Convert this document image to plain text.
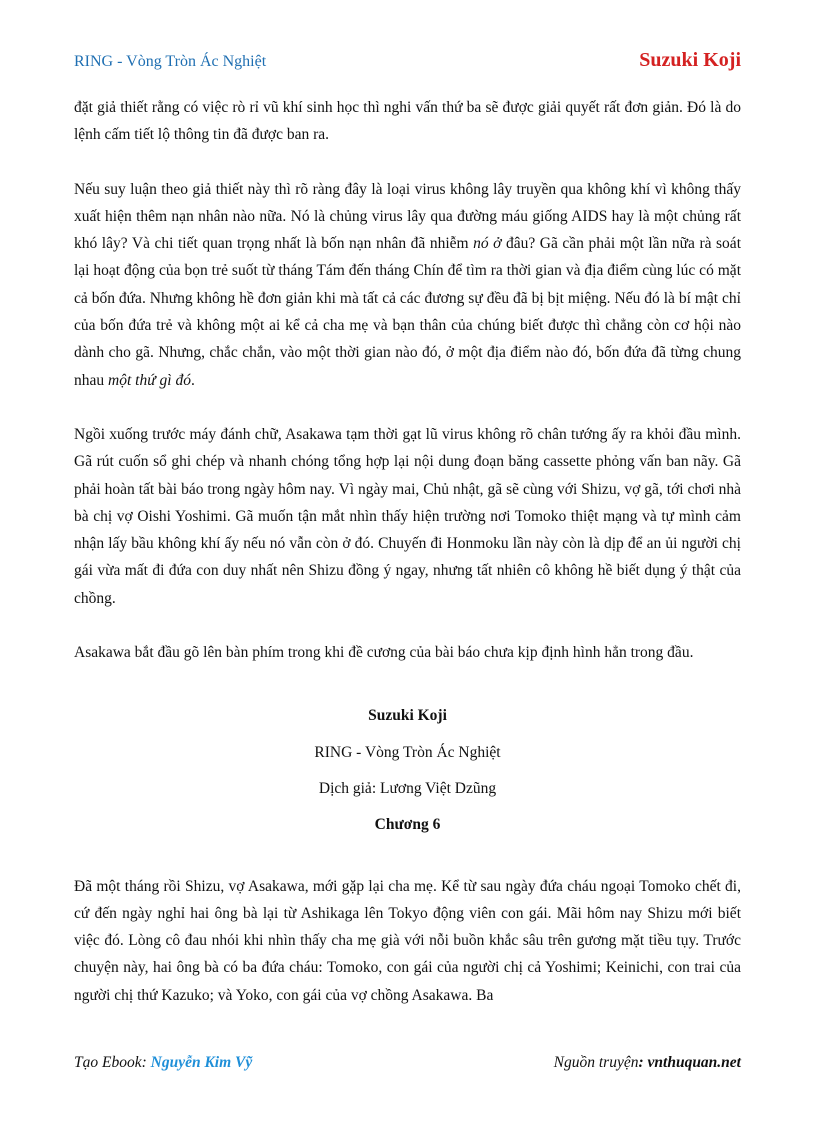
RING - Vòng Tròn Ác Nghiệt	Suzuki Koji

đặt giả thiết rằng có việc rò rỉ vũ khí sinh học thì nghi vấn thứ ba sẽ được giải quyết rất đơn giản. Đó là do lệnh cấm tiết lộ thông tin đã được ban ra.

Nếu suy luận theo giả thiết này thì rõ ràng đây là loại virus không lây truyền qua không khí vì không thấy xuất hiện thêm nạn nhân nào nữa. Nó là chủng virus lây qua đường máu giống AIDS hay là một chủng rất khó lây? Và chi tiết quan trọng nhất là bốn nạn nhân đã nhiễm nó ở đâu? Gã cần phải một lần nữa rà soát lại hoạt động của bọn trẻ suốt từ tháng Tám đến tháng Chín để tìm ra thời gian và địa điểm cùng lúc có mặt cả bốn đứa. Nhưng không hề đơn giản khi mà tất cả các đương sự đều đã bị bịt miệng. Nếu đó là bí mật chỉ của bốn đứa trẻ và không một ai kể cả cha mẹ và bạn thân của chúng biết được thì chẳng còn cơ hội nào dành cho gã. Nhưng, chắc chắn, vào một thời gian nào đó, ở một địa điểm nào đó, bốn đứa đã từng chung nhau một thứ gì đó.

Ngồi xuống trước máy đánh chữ, Asakawa tạm thời gạt lũ virus không rõ chân tướng ấy ra khỏi đầu mình. Gã rút cuốn sổ ghi chép và nhanh chóng tổng hợp lại nội dung đoạn băng cassette phỏng vấn ban nãy. Gã phải hoàn tất bài báo trong ngày hôm nay. Vì ngày mai, Chủ nhật, gã sẽ cùng với Shizu, vợ gã, tới chơi nhà bà chị vợ Oishi Yoshimi. Gã muốn tận mắt nhìn thấy hiện trường nơi Tomoko thiệt mạng và tự mình cảm nhận lấy bầu không khí ấy nếu nó vẫn còn ở đó. Chuyến đi Honmoku lần này còn là dịp để an ủi người chị gái vừa mất đi đứa con duy nhất nên Shizu đồng ý ngay, nhưng tất nhiên cô không hề biết dụng ý thật của chồng.

Asakawa bắt đầu gõ lên bàn phím trong khi đề cương của bài báo chưa kịp định hình hẳn trong đầu.

Suzuki Koji

RING - Vòng Tròn Ác Nghiệt

Dịch giả: Lương Việt Dzũng

Chương 6

Đã một tháng rồi Shizu, vợ Asakawa, mới gặp lại cha mẹ. Kể từ sau ngày đứa cháu ngoại Tomoko chết đi, cứ đến ngày nghỉ hai ông bà lại từ Ashikaga lên Tokyo động viên con gái. Mãi hôm nay Shizu mới biết việc đó. Lòng cô đau nhói khi nhìn thấy cha mẹ già với nỗi buồn khắc sâu trên gương mặt tiều tụy. Trước chuyện này, hai ông bà có ba đứa cháu: Tomoko, con gái của người chị cả Yoshimi; Keinichi, con trai của người chị thứ Kazuko; và Yoko, con gái của vợ chồng Asakawa. Ba

Tạo Ebook: Nguyễn Kim Vỹ	Nguồn truyện: vnthuquan.net
